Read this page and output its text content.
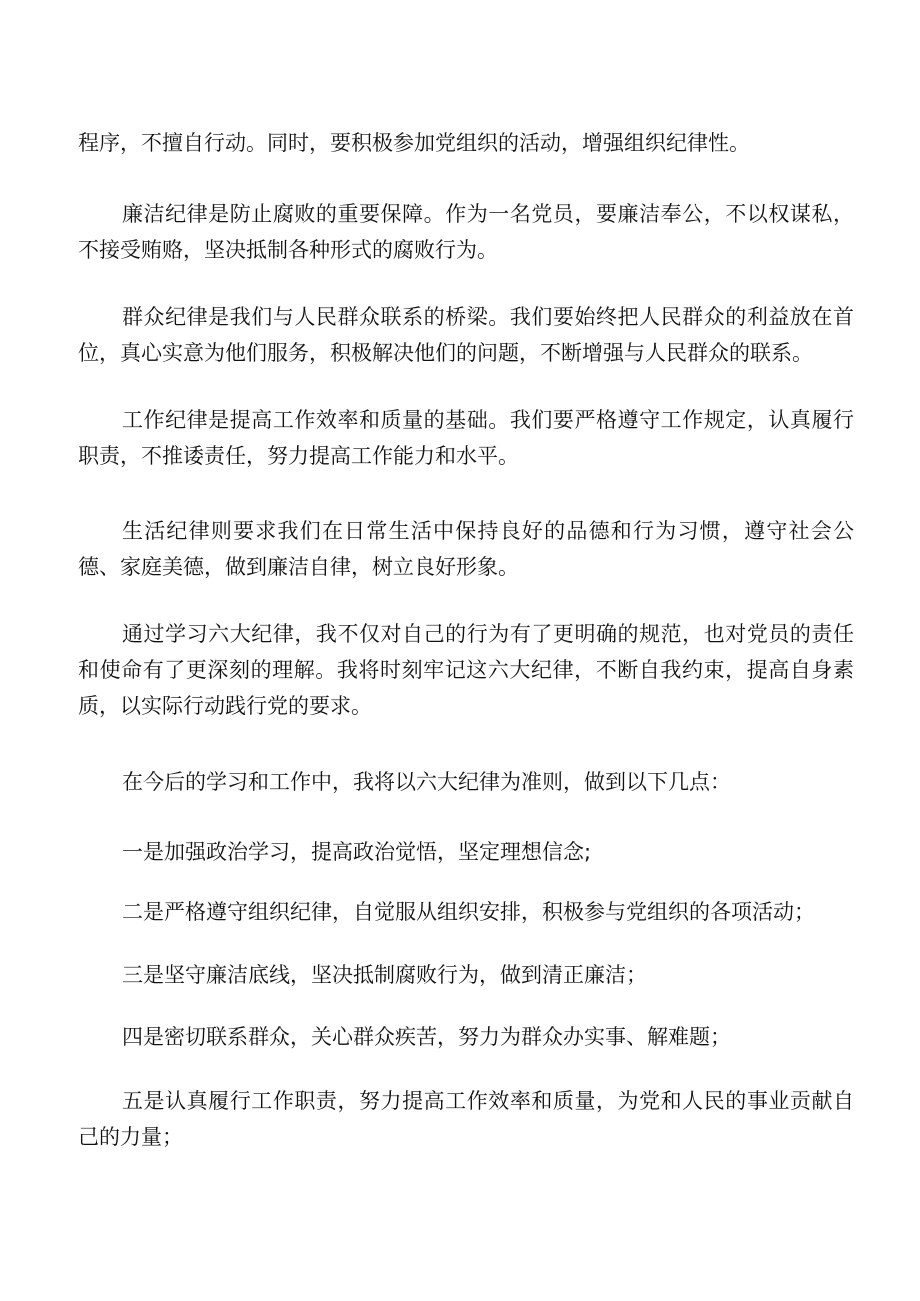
程序，不擅自行动。同时，要积极参加党组织的活动，增强组织纪律性。
廉洁纪律是防止腐败的重要保障。作为一名党员，要廉洁奉公，不以权谋私，不接受贿赂，坚决抵制各种形式的腐败行为。
群众纪律是我们与人民群众联系的桥梁。我们要始终把人民群众的利益放在首位，真心实意为他们服务，积极解决他们的问题，不断增强与人民群众的联系。
工作纪律是提高工作效率和质量的基础。我们要严格遵守工作规定，认真履行职责，不推诿责任，努力提高工作能力和水平。
生活纪律则要求我们在日常生活中保持良好的品德和行为习惯，遵守社会公德、家庭美德，做到廉洁自律，树立良好形象。
通过学习六大纪律，我不仅对自己的行为有了更明确的规范，也对党员的责任和使命有了更深刻的理解。我将时刻牢记这六大纪律，不断自我约束，提高自身素质，以实际行动践行党的要求。
在今后的学习和工作中，我将以六大纪律为准则，做到以下几点：
一是加强政治学习，提高政治觉悟，坚定理想信念;
二是严格遵守组织纪律，自觉服从组织安排，积极参与党组织的各项活动；
三是坚守廉洁底线，坚决抵制腐败行为，做到清正廉洁；
四是密切联系群众，关心群众疾苦，努力为群众办实事、解难题；
五是认真履行工作职责，努力提高工作效率和质量，为党和人民的事业贡献自己的力量；
